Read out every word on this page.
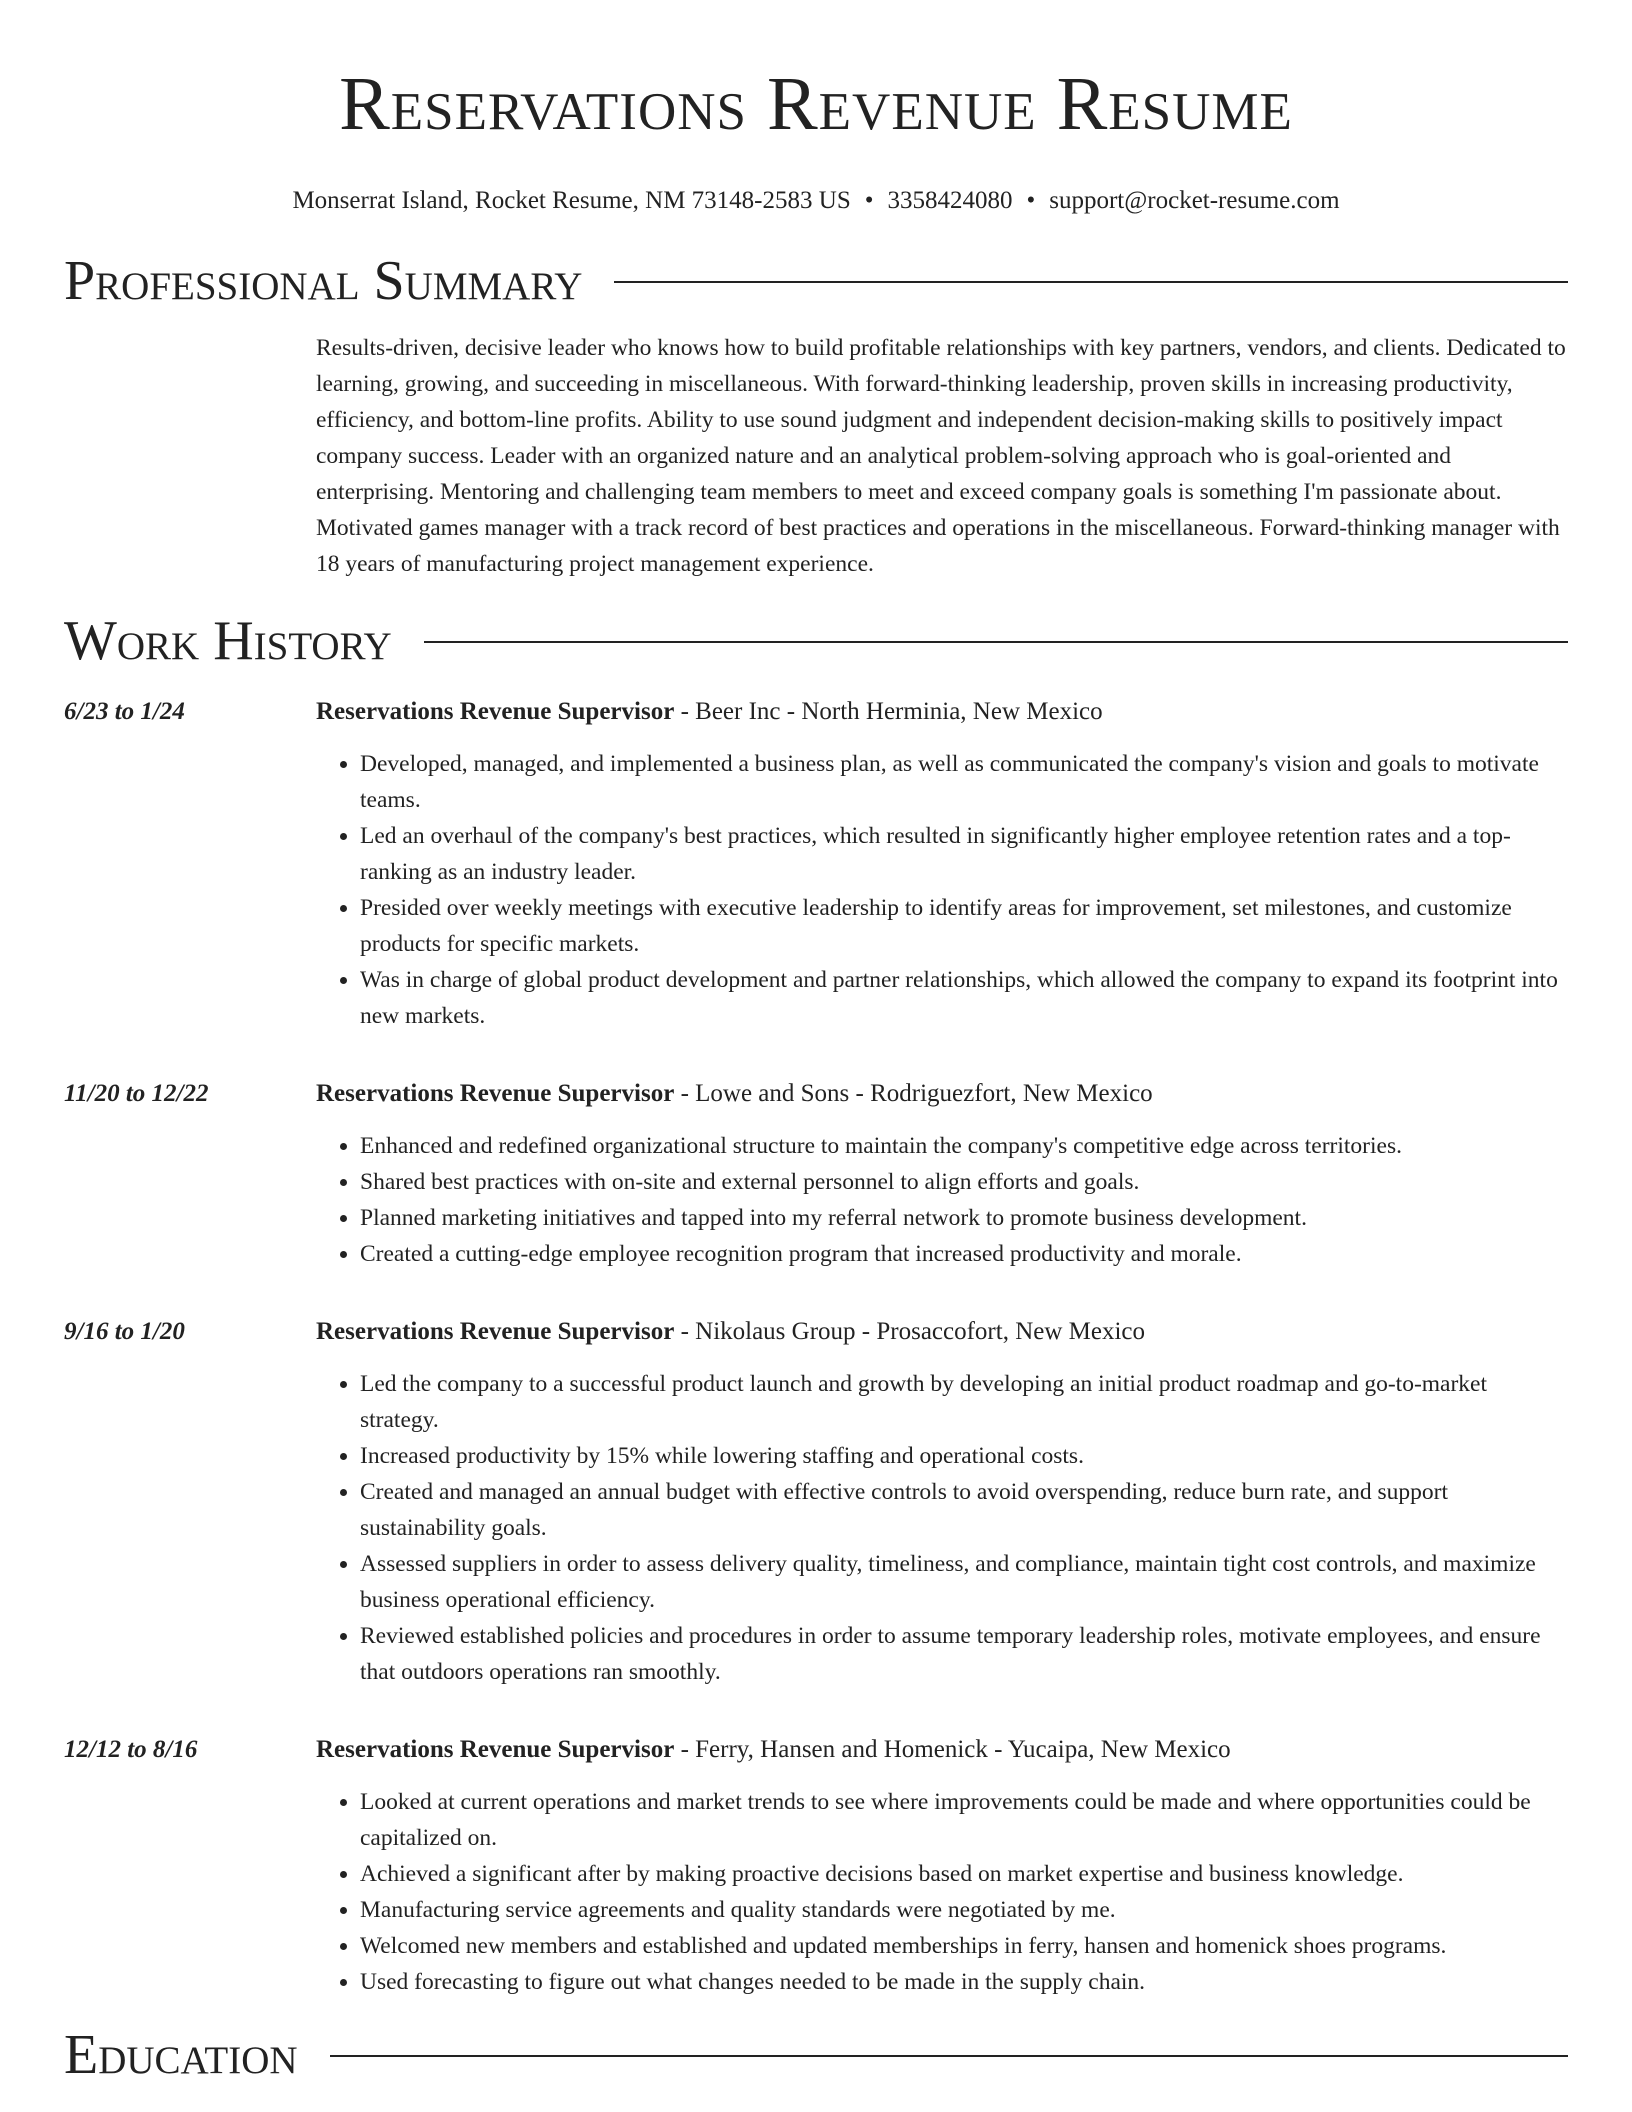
Reservations Revenue Resume
Monserrat Island, Rocket Resume, NM 73148-2583 US • 3358424080 • support@rocket-resume.com
Professional Summary
Results-driven, decisive leader who knows how to build profitable relationships with key partners, vendors, and clients. Dedicated to learning, growing, and succeeding in miscellaneous. With forward-thinking leadership, proven skills in increasing productivity, efficiency, and bottom-line profits. Ability to use sound judgment and independent decision-making skills to positively impact company success. Leader with an organized nature and an analytical problem-solving approach who is goal-oriented and enterprising. Mentoring and challenging team members to meet and exceed company goals is something I'm passionate about. Motivated games manager with a track record of best practices and operations in the miscellaneous. Forward-thinking manager with 18 years of manufacturing project management experience.
Work History
6/23 to 1/24	Reservations Revenue Supervisor - Beer Inc - North Herminia, New Mexico
• Developed, managed, and implemented a business plan, as well as communicated the company's vision and goals to motivate teams.
• Led an overhaul of the company's best practices, which resulted in significantly higher employee retention rates and a top-ranking as an industry leader.
• Presided over weekly meetings with executive leadership to identify areas for improvement, set milestones, and customize products for specific markets.
• Was in charge of global product development and partner relationships, which allowed the company to expand its footprint into new markets.
11/20 to 12/22	Reservations Revenue Supervisor - Lowe and Sons - Rodriguezfort, New Mexico
• Enhanced and redefined organizational structure to maintain the company's competitive edge across territories.
• Shared best practices with on-site and external personnel to align efforts and goals.
• Planned marketing initiatives and tapped into my referral network to promote business development.
• Created a cutting-edge employee recognition program that increased productivity and morale.
9/16 to 1/20	Reservations Revenue Supervisor - Nikolaus Group - Prosaccofort, New Mexico
• Led the company to a successful product launch and growth by developing an initial product roadmap and go-to-market strategy.
• Increased productivity by 15% while lowering staffing and operational costs.
• Created and managed an annual budget with effective controls to avoid overspending, reduce burn rate, and support sustainability goals.
• Assessed suppliers in order to assess delivery quality, timeliness, and compliance, maintain tight cost controls, and maximize business operational efficiency.
• Reviewed established policies and procedures in order to assume temporary leadership roles, motivate employees, and ensure that outdoors operations ran smoothly.
12/12 to 8/16	Reservations Revenue Supervisor - Ferry, Hansen and Homenick - Yucaipa, New Mexico
• Looked at current operations and market trends to see where improvements could be made and where opportunities could be capitalized on.
• Achieved a significant after by making proactive decisions based on market expertise and business knowledge.
• Manufacturing service agreements and quality standards were negotiated by me.
• Welcomed new members and established and updated memberships in ferry, hansen and homenick shoes programs.
• Used forecasting to figure out what changes needed to be made in the supply chain.
Education
